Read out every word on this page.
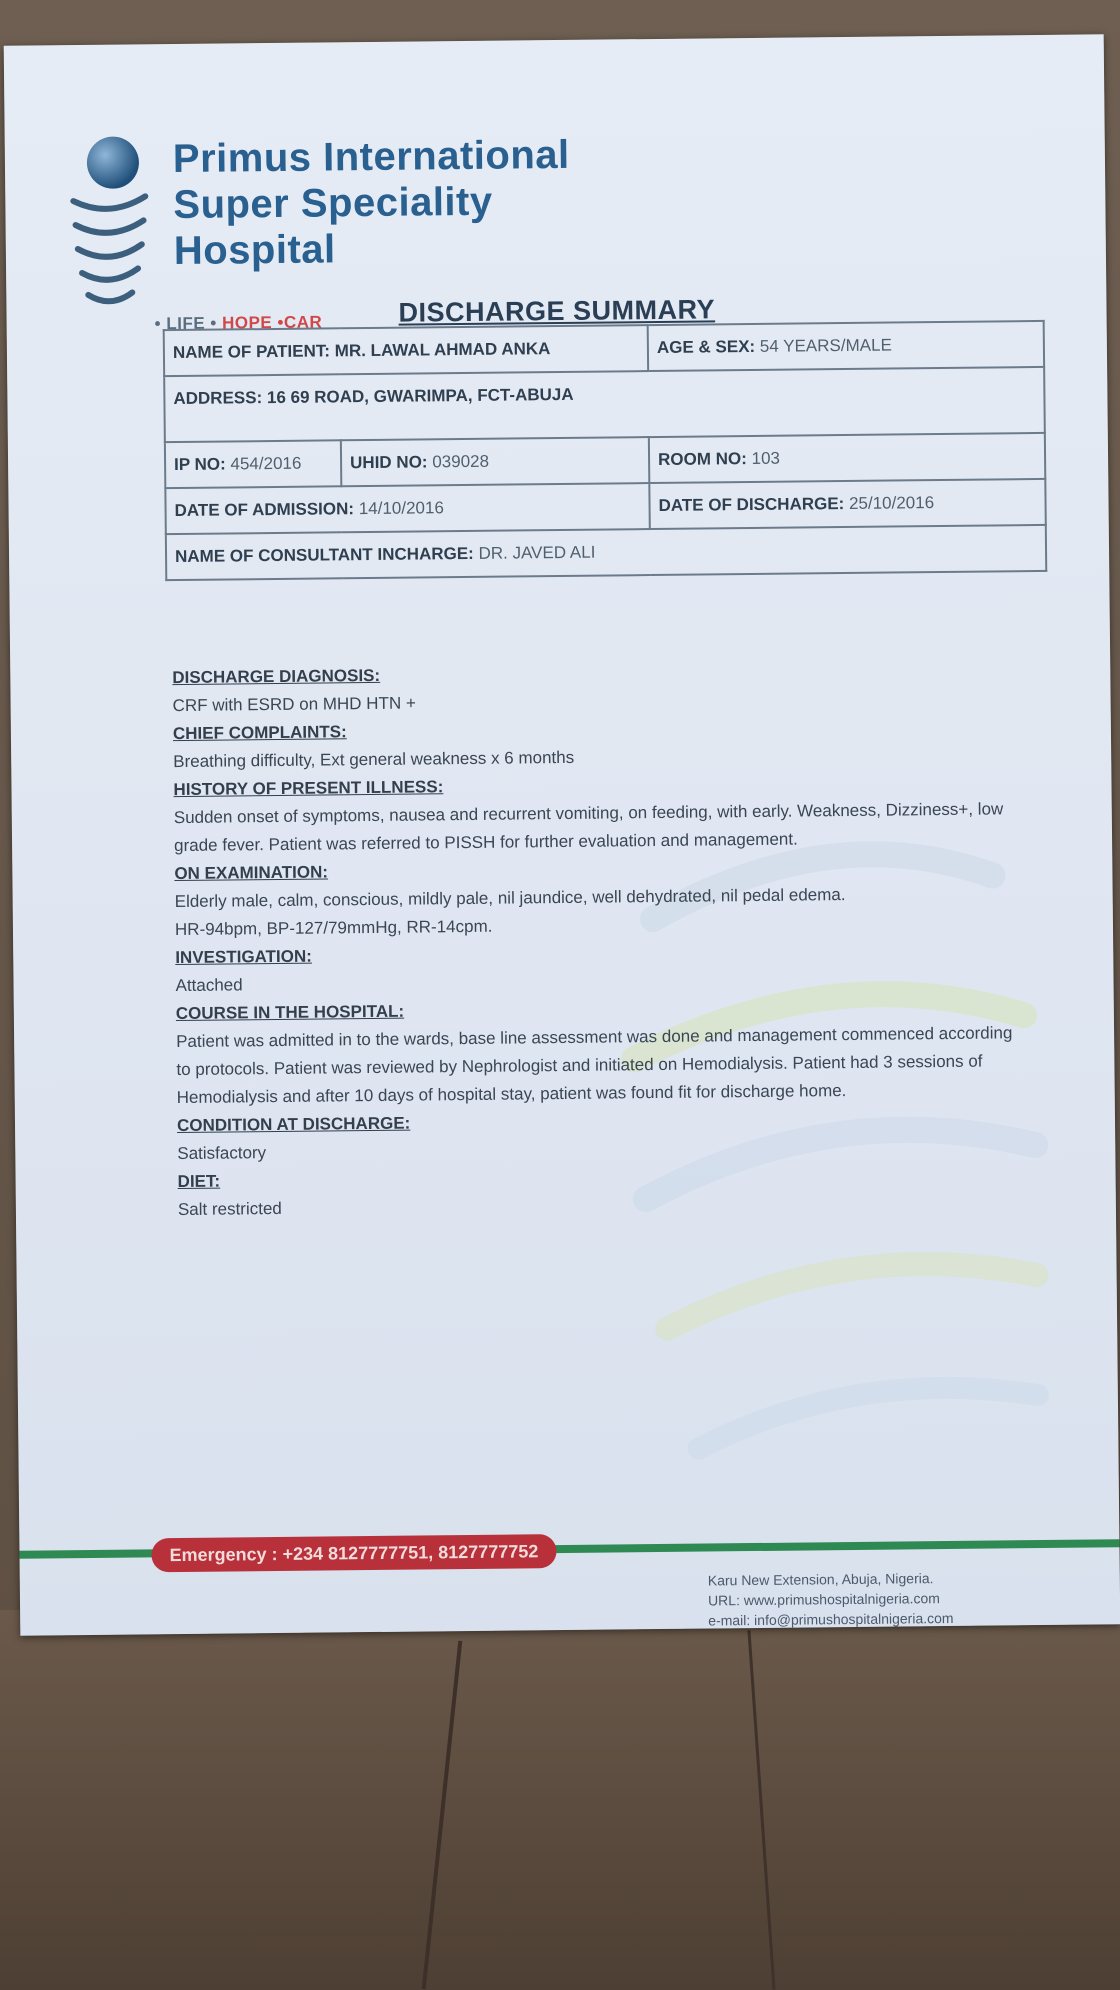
Primus International
Super Speciality
Hospital
• LIFE • HOPE •CAR	DISCHARGE SUMMARY
NAME OF PATIENT: MR. LAWAL AHMAD ANKA		AGE & SEX: 54 YEARS/MALE
ADDRESS: 16 69 ROAD, GWARIMPA, FCT-ABUJA		
IP NO: 454/2016	UHID NO: 039028	ROOM NO: 103
DATE OF ADMISSION: 14/10/2016		DATE OF DISCHARGE: 25/10/2016
NAME OF CONSULTANT INCHARGE: DR. JAVED ALI		
DISCHARGE DIAGNOSIS:

CRF with ESRD on MHD HTN +

CHIEF COMPLAINTS:

Breathing difficulty, Ext general weakness x 6 months

HISTORY OF PRESENT ILLNESS:

Sudden onset of symptoms, nausea and recurrent vomiting, on feeding, with early. Weakness, Dizziness+, low grade fever. Patient was referred to PISSH for further evaluation and management.

ON EXAMINATION:

Elderly male, calm, conscious, mildly pale, nil jaundice, well dehydrated, nil pedal edema.

HR-94bpm, BP-127/79mmHg, RR-14cpm.

INVESTIGATION:

Attached

COURSE IN THE HOSPITAL:

Patient was admitted in to the wards, base line assessment was done and management commenced according to protocols. Patient was reviewed by Nephrologist and initiated on Hemodialysis. Patient had 3 sessions of Hemodialysis and after 10 days of hospital stay, patient was found fit for discharge home.

CONDITION AT DISCHARGE:

Satisfactory

DIET:

Salt restricted

Emergency : +234 8127777751, 8127777752
Karu New Extension, Abuja, Nigeria.
URL: www.primushospitalnigeria.com
e-mail: info@primushospitalnigeria.com
